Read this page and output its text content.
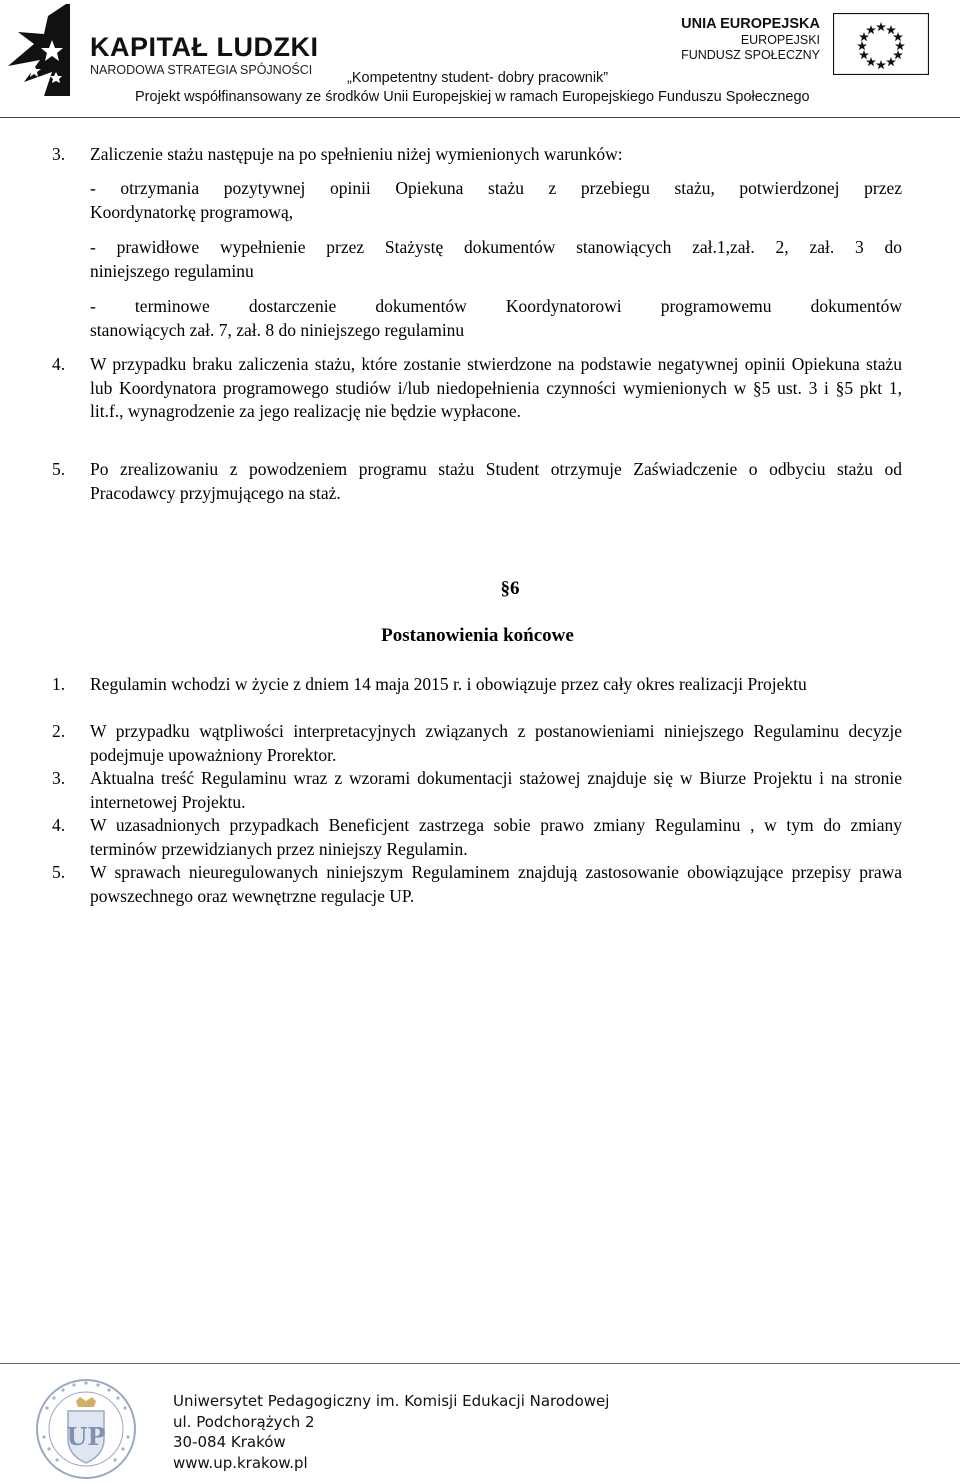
KAPITAŁ LUDZKI
NARODOWA STRATEGIA SPÓJNOŚCI
UNIA EUROPEJSKA
EUROPEJSKI
FUNDUSZ SPOŁECZNY
„Kompetentny student- dobry pracownik”
Projekt współfinansowany ze środków Unii Europejskiej w ramach Europejskiego Funduszu Społecznego
3. Zaliczenie stażu następuje na po spełnieniu niżej wymienionych warunków:
- otrzymania pozytywnej opinii Opiekuna stażu z przebiegu stażu, potwierdzonej przez
Koordynatorkę programową,
- prawidłowe wypełnienie przez Stażystę dokumentów stanowiących zał.1,zał. 2, zał. 3 do
niniejszego regulaminu
- terminowe dostarczenie dokumentów Koordynatorowi programowemu dokumentów
stanowiących zał. 7, zał. 8 do niniejszego regulaminu
4. W przypadku braku zaliczenia stażu, które zostanie stwierdzone na podstawie negatywnej opinii Opiekuna stażu lub Koordynatora programowego studiów i/lub niedopełnienia czynności wymienionych w §5 ust. 3 i §5 pkt 1, lit.f., wynagrodzenie za jego realizację nie będzie wypłacone.
5. Po zrealizowaniu z powodzeniem programu stażu Student otrzymuje Zaświadczenie o odbyciu stażu od Pracodawcy przyjmującego na staż.
§6
Postanowienia końcowe
1. Regulamin wchodzi w życie z dniem 14 maja 2015 r. i obowiązuje przez cały okres realizacji Projektu
2. W przypadku wątpliwości interpretacyjnych związanych z postanowieniami niniejszego Regulaminu decyzje podejmuje upoważniony Prorektor.
3. Aktualna treść Regulaminu wraz z wzorami dokumentacji stażowej znajduje się w Biurze Projektu i na stronie internetowej Projektu.
4. W uzasadnionych przypadkach Beneficjent zastrzega sobie prawo zmiany Regulaminu , w tym do zmiany terminów przewidzianych przez niniejszy Regulamin.
5. W sprawach nieuregulowanych niniejszym Regulaminem znajdują zastosowanie obowiązujące przepisy prawa powszechnego oraz wewnętrzne regulacje UP.
UP
Uniwersytet Pedagogiczny im. Komisji Edukacji Narodowej
ul. Podchorążych 2
30-084 Kraków
www.up.krakow.pl
